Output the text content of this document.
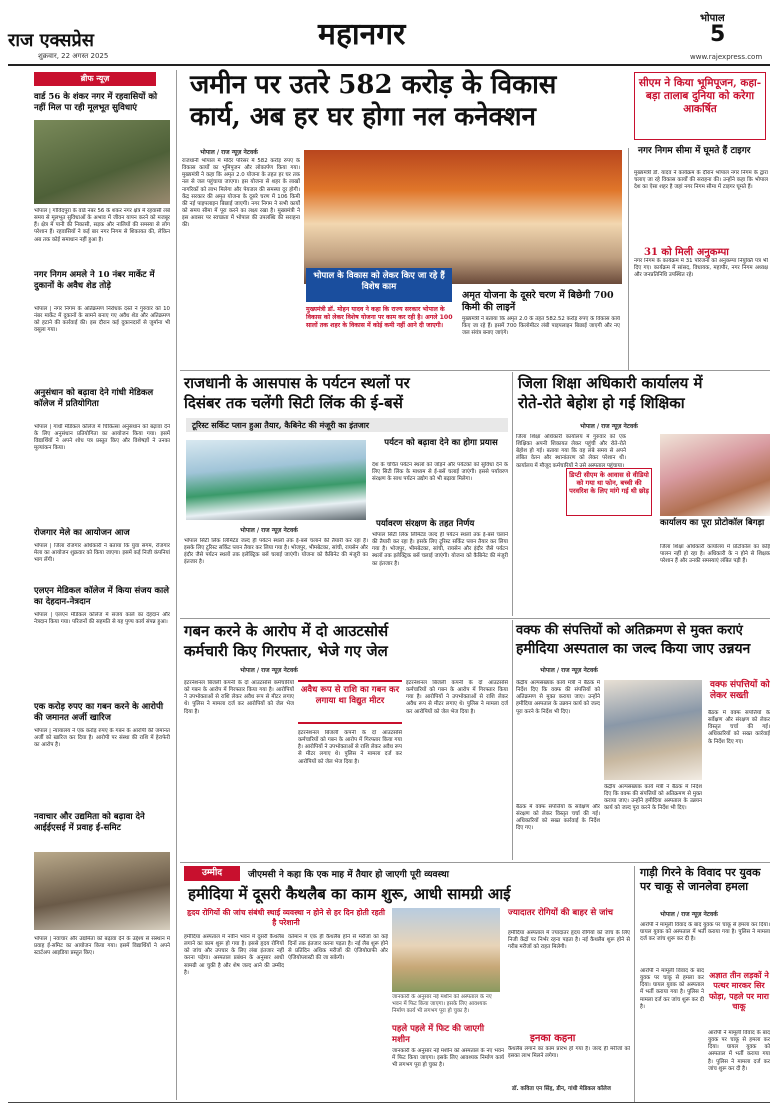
राज एक्सप्रेस
शुक्रवार, 22 अगस्त 2025
महानगर	भोपाल
5
www.rajexpress.com
ब्रीफ न्यूज़
वार्ड 56 के शंकर नगर में रहवासियों को नहीं मिल पा रही मूलभूत सुविधाएं
भोपाल | गोविंदपुरा के वार्ड नंबर 56 के शंकर नगर क्षेत्र में रहवासी लंबे समय से मूलभूत सुविधाओं के अभाव में जीवन यापन करने को मजबूर हैं। क्षेत्र में पानी की निकासी, सड़क और नालियों की समस्या से लोग परेशान हैं। रहवासियों ने कई बार नगर निगम से शिकायत की, लेकिन अब तक कोई समाधान नहीं हुआ है।
नगर निगम अमले ने 10 नंबर मार्केट में दुकानों के अवैध शेड तोड़े
भोपाल | नगर निगम के अतिक्रमण निरोधक दस्ते ने गुरुवार को 10 नंबर मार्केट में दुकानों के सामने बनाए गए अवैध शेड और अतिक्रमण को हटाने की कार्रवाई की। इस दौरान कई दुकानदारों से जुर्माना भी वसूला गया।
अनुसंधान को बढ़ावा देने गांधी मेडिकल कॉलेज में प्रतियोगिता
भोपाल | गांधी मेडिकल कॉलेज में चिकित्सा अनुसंधान को बढ़ावा देने के लिए अनुसंधान प्रतियोगिता का आयोजन किया गया। इसमें विद्यार्थियों ने अपने शोध पत्र प्रस्तुत किए और विशेषज्ञों ने उनका मूल्यांकन किया।
रोजगार मेले का आयोजन आज
भोपाल | जिला रोजगार अधिकारी ने बताया कि युवा संगम, रोजगार मेला का आयोजन शुक्रवार को किया जाएगा। इसमें कई निजी कंपनियां भाग लेंगी।
एलएन मेडिकल कॉलेज में किया संजय काले का देहदान-नेत्रदान
भोपाल | एलएन मेडिकल कॉलेज में संजय काले का देहदान और नेत्रदान किया गया। परिजनों की सहमति से यह पुण्य कार्य संपन्न हुआ।
एक करोड़ रुपए का गबन करने के आरोपी की जमानत अर्जी खारिज
भोपाल | न्यायालय ने एक करोड़ रुपए के गबन के आरोपी की जमानत अर्जी को खारिज कर दिया है। आरोपी पर संस्था की राशि में हेराफेरी का आरोप है।
नवाचार और उद्यमिता को बढ़ावा देने आईईएसई में प्रवाह ई-समिट
भोपाल | नवाचार और उद्यमिता को बढ़ावा देने के उद्देश्य से संस्थान में प्रवाह ई-समिट का आयोजन किया गया। इसमें विद्यार्थियों ने अपने स्टार्टअप आइडिया प्रस्तुत किए।
जमीन पर उतरे 582 करोड़ के विकास
कार्य, अब हर घर होगा नल कनेक्शन
सीएम ने किया भूमिपूजन, कहा-बड़ा तालाब दुनिया को करेगा आकर्षित
भोपाल / राज न्यूज़ नेटवर्क
राजधानी भोपाल में मंदिर परिसर में 582 करोड़ रुपए के विकास कार्यों का भूमिपूजन और लोकार्पण किया गया। मुख्यमंत्री ने कहा कि अमृत 2.0 योजना के तहत हर घर तक नल से जल पहुंचाया जाएगा। इस योजना से शहर के लाखों नागरिकों को लाभ मिलेगा और पेयजल की समस्या दूर होगी। केंद्र सरकार की अमृत योजना के दूसरे चरण में 106 किमी की नई पाइपलाइन बिछाई जाएगी। नगर निगम ने सभी कार्यों को समय सीमा में पूरा करने का लक्ष्य रखा है। मुख्यमंत्री ने इस अवसर पर स्वच्छता में भोपाल की उपलब्धि की सराहना की।
भोपाल के विकास को लेकर किए जा रहे हैं विशेष काम
अमृत योजना के दूसरे चरण में बिछेगी 700 किमी की लाइनें
मुख्यमंत्री डॉ. मोहन यादव ने कहा कि राज्य सरकार भोपाल के विकास को लेकर विशेष योजना पर काम कर रही है। अगले 100 सालों तक शहर के विकास में कोई कमी नहीं आने दी जाएगी।
मुख्यमंत्री ने बताया कि अमृत 2.0 के तहत 582.52 करोड़ रुपए के विकास कार्य किए जा रहे हैं। इसमें 700 किलोमीटर लंबी पाइपलाइन बिछाई जाएगी और नए जल संयंत्र बनाए जाएंगे।
नगर निगम सीमा में घूमते हैं टाइगर
मुख्यमंत्री डॉ. यादव ने कार्यक्रम के दौरान भोपाल नगर निगम के द्वारा चलाए जा रहे विकास कार्यों की सराहना की। उन्होंने कहा कि भोपाल देश का ऐसा शहर है जहां नगर निगम सीमा में टाइगर घूमते हैं।
31 को मिली अनुकम्पा
नगर निगम के कार्यक्रम में 31 परिजनों को अनुकम्पा नियुक्ति पत्र भी दिए गए। कार्यक्रम में सांसद, विधायक, महापौर, नगर निगम अध्यक्ष और जनप्रतिनिधि उपस्थित रहे।
राजधानी के आसपास के पर्यटन स्थलों पर
दिसंबर तक चलेंगी सिटी लिंक की ई-बसें
टूरिस्ट सर्किट प्लान हुआ तैयार, कैबिनेट की मंजूरी का इंतजार
भोपाल / राज न्यूज़ नेटवर्क
भोपाल सिटी लिंक लिमिटेड जल्द ही पर्यटन स्थलों तक ई-बसें चलाने की तैयारी कर रहा है। इसके लिए टूरिस्ट सर्किट प्लान तैयार कर लिया गया है। भोजपुर, भीमबेटका, सांची, रायसेन और इंदौर जैसे पर्यटन स्थलों तक इलेक्ट्रिक बसें चलाई जाएंगी। योजना को कैबिनेट की मंजूरी का इंतजार है।
पर्यटन को बढ़ावा देने का होगा प्रयास
देश के चर्चित पर्यटन स्थलों को जोड़ने और पर्यटकों को सुविधा देने के लिए सिटी लिंक के माध्यम से ई-बसें चलाई जाएंगी। इससे पर्यावरण संरक्षण के साथ पर्यटन उद्योग को भी बढ़ावा मिलेगा।
पर्यावरण संरक्षण के तहत निर्णय
भोपाल सिटी लिंक लिमिटेड जल्द ही पर्यटन स्थलों तक ई-बसें चलाने की तैयारी कर रहा है। इसके लिए टूरिस्ट सर्किट प्लान तैयार कर लिया गया है। भोजपुर, भीमबेटका, सांची, रायसेन और इंदौर जैसे पर्यटन स्थलों तक इलेक्ट्रिक बसें चलाई जाएंगी। योजना को कैबिनेट की मंजूरी का इंतजार है।
जिला शिक्षा अधिकारी कार्यालय में
रोते-रोते बेहोश हो गई शिक्षिका
भोपाल / राज न्यूज़ नेटवर्क
जिला शिक्षा अधिकारी कार्यालय में गुरुवार को एक शिक्षिका अपनी शिकायत लेकर पहुंची और रोते-रोते बेहोश हो गई। बताया गया कि वह लंबे समय से अपने लंबित वेतन और स्थानांतरण को लेकर परेशान थी। कार्यालय में मौजूद कर्मचारियों ने उसे अस्पताल पहुंचाया।
डिप्टी सीएम के आवास से वीडियो को गया था फोन, बच्ची की परवरिश के लिए मांगे गई थी छोड़
कार्यालय का पूरा प्रोटोकॉल बिगड़ा
जिला शिक्षा अधिकारी कार्यालय में प्रोटोकॉल का कोई पालन नहीं हो रहा है। अधिकारी के न होने से शिक्षक परेशान हैं और उनकी समस्याएं लंबित पड़ी हैं।
गबन करने के आरोप में दो आउटसोर्स
कर्मचारी किए गिरफ्तार, भेजे गए जेल
भोपाल / राज न्यूज़ नेटवर्क
इंटरनेशनल बिजली कंपनी के दो आउटसोर्स कर्मचारियों को गबन के आरोप में गिरफ्तार किया गया है। आरोपियों ने उपभोक्ताओं से राशि लेकर अवैध रूप से मीटर लगाए थे। पुलिस ने मामला दर्ज कर आरोपियों को जेल भेज दिया है।
अवैध रूप से राशि का गबन कर लगाया था विद्युत मीटर
इंटरनेशनल बिजली कंपनी के दो आउटसोर्स कर्मचारियों को गबन के आरोप में गिरफ्तार किया गया है। आरोपियों ने उपभोक्ताओं से राशि लेकर अवैध रूप से मीटर लगाए थे। पुलिस ने मामला दर्ज कर आरोपियों को जेल भेज दिया है।
इंटरनेशनल बिजली कंपनी के दो आउटसोर्स कर्मचारियों को गबन के आरोप में गिरफ्तार किया गया है। आरोपियों ने उपभोक्ताओं से राशि लेकर अवैध रूप से मीटर लगाए थे। पुलिस ने मामला दर्ज कर आरोपियों को जेल भेज दिया है।
वक्फ की संपत्तियों को अतिक्रमण से मुक्त कराएं
हमीदिया अस्पताल का जल्द किया जाए उन्नयन
भोपाल / राज न्यूज़ नेटवर्क
केंद्रीय अल्पसंख्यक कार्य मंत्री ने बैठक में निर्देश दिए कि वक्फ की संपत्तियों को अतिक्रमण से मुक्त कराया जाए। उन्होंने हमीदिया अस्पताल के उन्नयन कार्य को जल्द पूरा करने के निर्देश भी दिए।
केंद्रीय अल्पसंख्यक कार्य मंत्री ने बैठक में निर्देश दिए कि वक्फ की संपत्तियों को अतिक्रमण से मुक्त कराया जाए। उन्होंने हमीदिया अस्पताल के उन्नयन कार्य को जल्द पूरा करने के निर्देश भी दिए।
बैठक में वक्फ संपत्तियों के सर्वेक्षण और संरक्षण को लेकर विस्तृत चर्चा की गई। अधिकारियों को सख्त कार्रवाई के निर्देश दिए गए।
वक्फ संपत्तियों को लेकर सख्ती
बैठक में वक्फ संपत्तियों के सर्वेक्षण और संरक्षण को लेकर विस्तृत चर्चा की गई। अधिकारियों को सख्त कार्रवाई के निर्देश दिए गए।
उम्मीद	जीएमसी ने कहा कि एक माह में तैयार हो जाएगी पूरी व्यवस्था
हमीदिया में दूसरी कैथलैब का काम शुरू, आधी सामग्री आई
हृदय रोगियों की जांच संबंधी स्थाई व्यवस्था न होने से हर दिन होती रहती है परेशानी
हमीदिया अस्पताल में नवीन भवन में दूसरी कैथलैब लगाने का काम शुरू हो गया है। इससे हृदय रोगियों को जांच और उपचार के लिए लंबा इंतजार नहीं करना पड़ेगा। अस्पताल प्रबंधन के अनुसार आधी सामग्री आ चुकी है और शेष जल्द आने की उम्मीद है।
वर्तमान में एक ही कैथलैब होने से मरीजों को कई दिनों तक इंतजार करना पड़ता है। नई लैब शुरू होने से प्रतिदिन अधिक मरीजों की एंजियोग्राफी और एंजियोप्लास्टी की जा सकेगी।
जानकारी के अनुसार नई मशीन को अस्पताल के नए भवन में फिट किया जाएगा। इसके लिए आवश्यक निर्माण कार्य भी लगभग पूरा हो चुका है।
पहले पहले में फिट की जाएगी मशीन
जानकारी के अनुसार नई मशीन को अस्पताल के नए भवन में फिट किया जाएगा। इसके लिए आवश्यक निर्माण कार्य भी लगभग पूरा हो चुका है।
ज्यादातर रोगियों की बाहर से जांच
हमीदिया अस्पताल में ज्यादातर हृदय रोगियों को जांच के लिए निजी केंद्रों पर निर्भर रहना पड़ता है। नई कैथलैब शुरू होने से गरीब मरीजों को राहत मिलेगी।
इनका कहना
कैथलैब लगाने का काम प्रारंभ हो गया है। जल्द ही मरीजों को इसका लाभ मिलने लगेगा।
डॉ. कविता एन सिंह, डीन, गांधी मेडिकल कॉलेज
गाड़ी गिरने के विवाद पर युवक पर चाकू से जानलेवा हमला
भोपाल / राज न्यूज़ नेटवर्क
आरोपी ने मामूली विवाद के बाद युवक पर चाकू से हमला कर दिया। घायल युवक को अस्पताल में भर्ती कराया गया है। पुलिस ने मामला दर्ज कर जांच शुरू कर दी है।
आरोपी ने मामूली विवाद के बाद युवक पर चाकू से हमला कर दिया। घायल युवक को अस्पताल में भर्ती कराया गया है। पुलिस ने मामला दर्ज कर जांच शुरू कर दी है।
अज्ञात तीन लड़कों ने पत्थर मारकर सिर फोड़ा, पहले पर मारा चाकू
आरोपी ने मामूली विवाद के बाद युवक पर चाकू से हमला कर दिया। घायल युवक को अस्पताल में भर्ती कराया गया है। पुलिस ने मामला दर्ज कर जांच शुरू कर दी है।
